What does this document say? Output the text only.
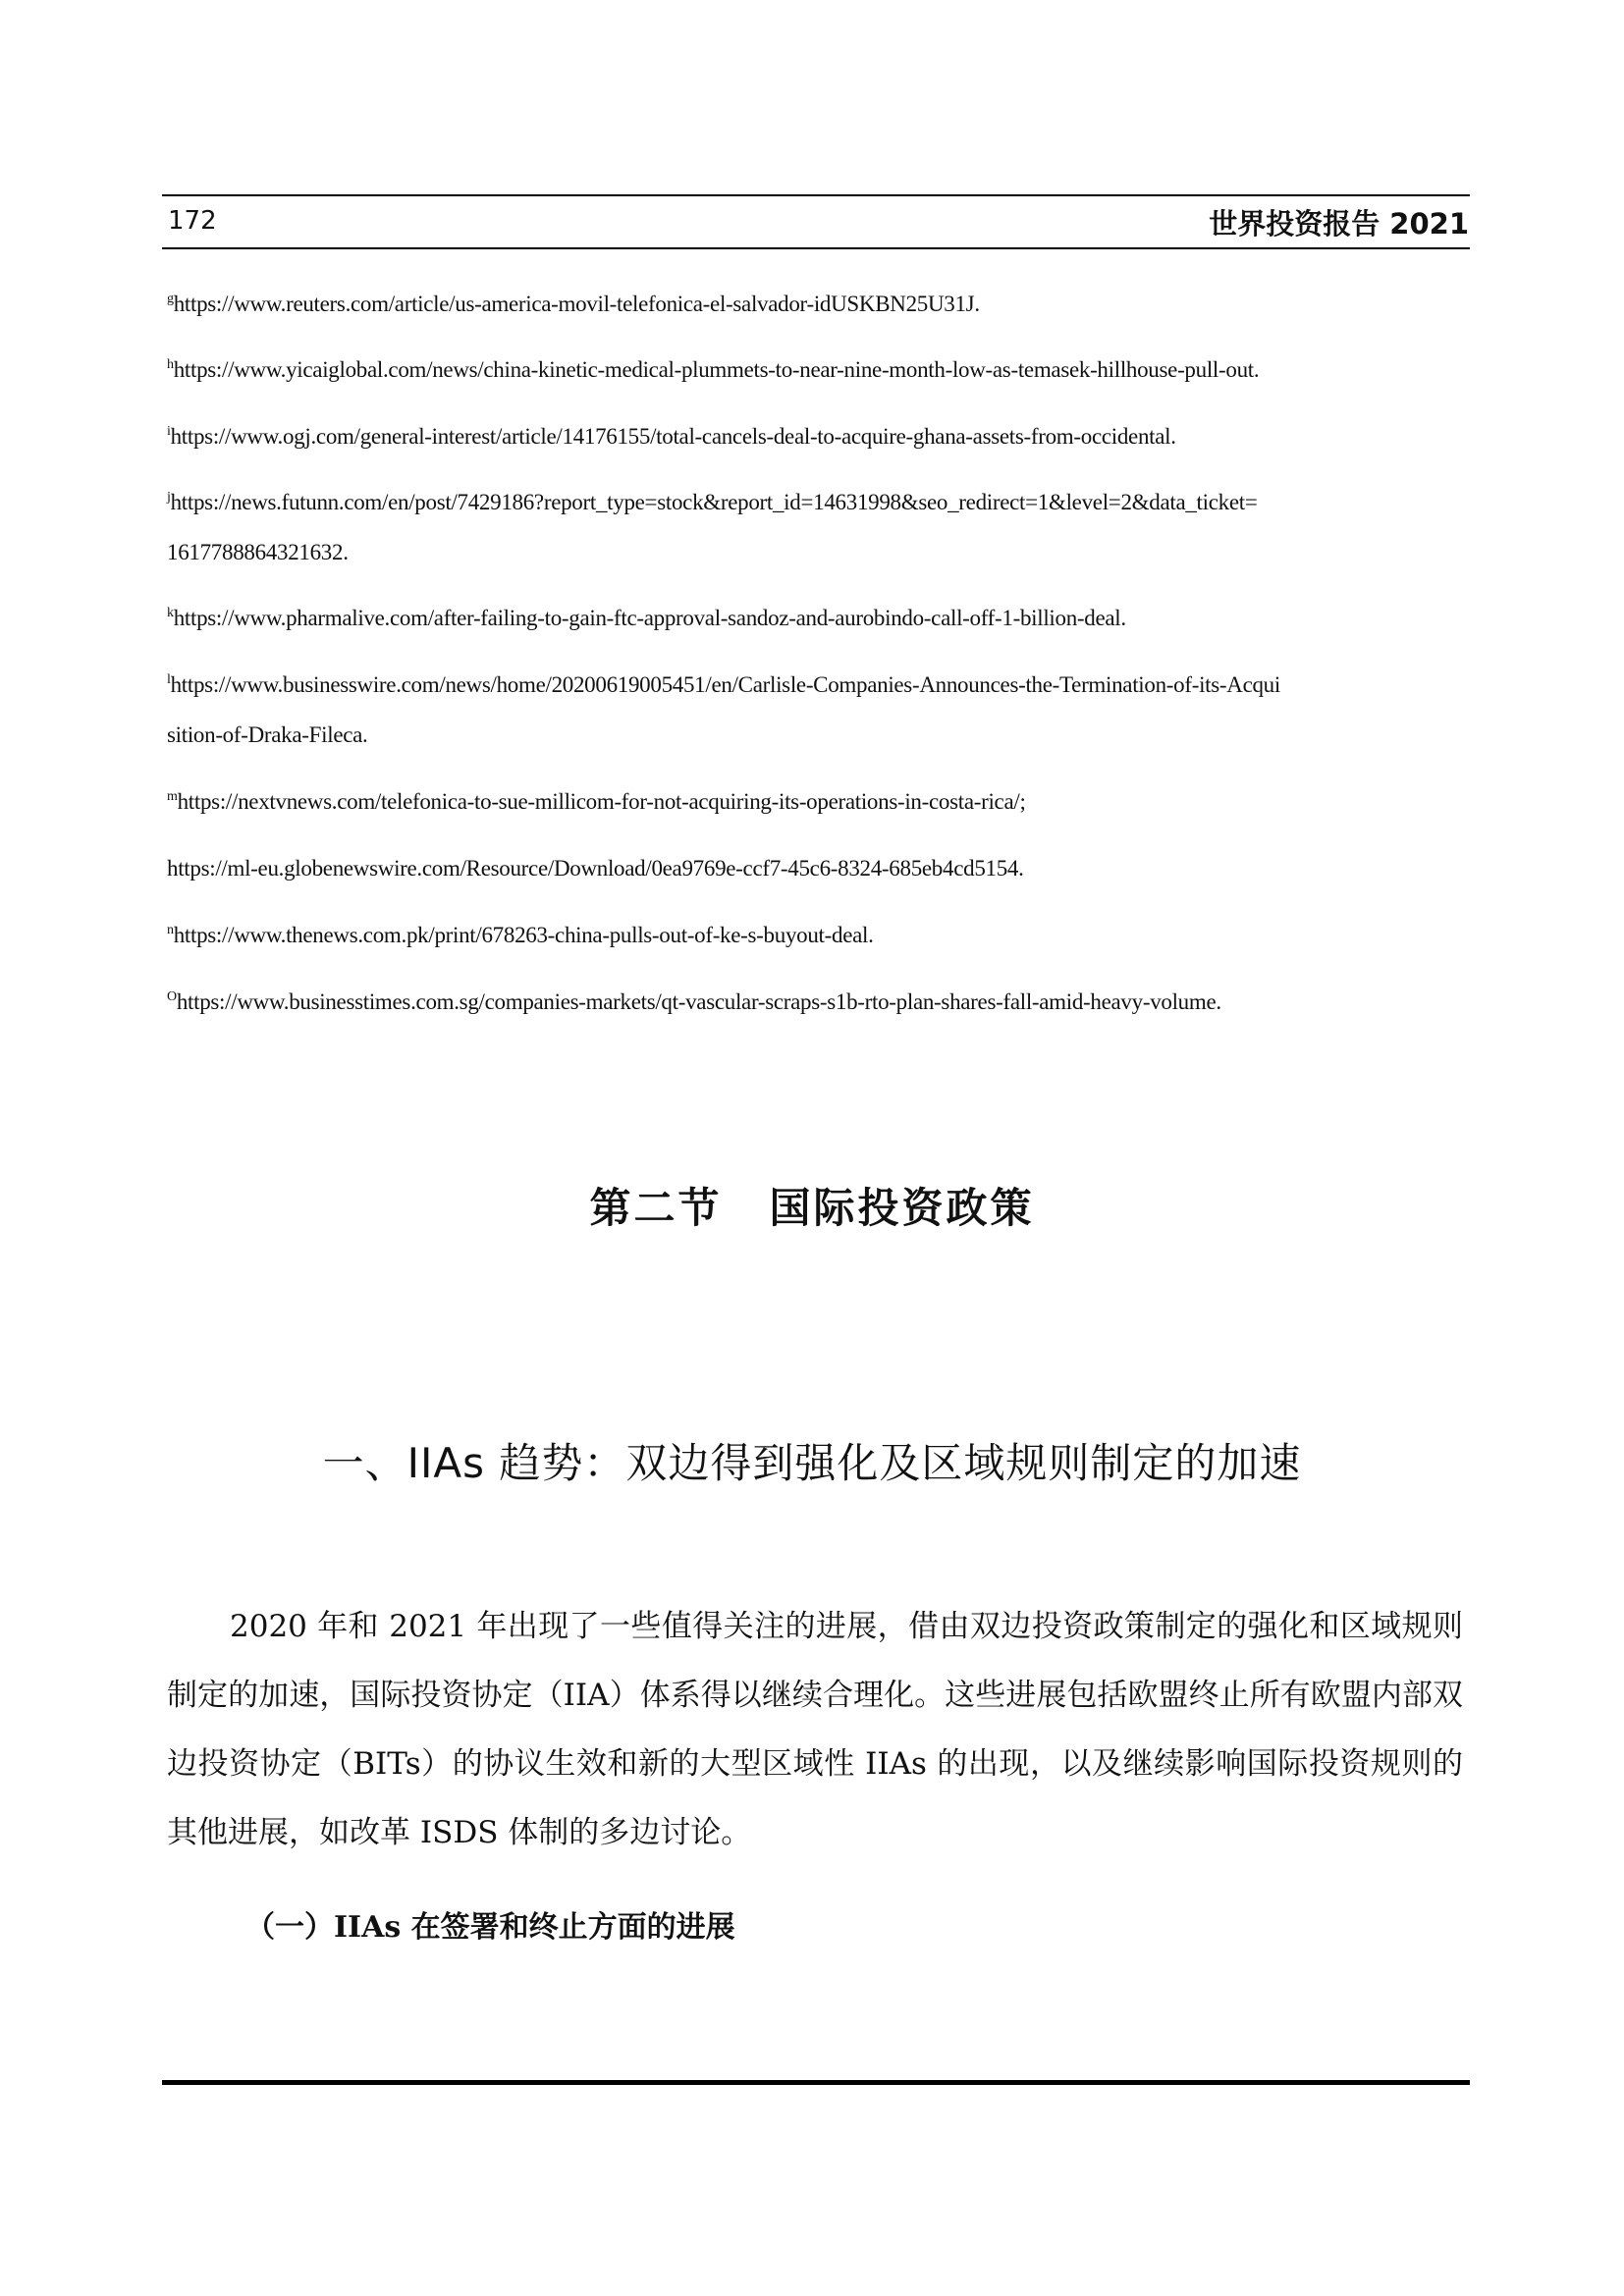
172	世界投资报告 2021
$^g$https://www.reuters.com/article/us-america-movil-telefonica-el-salvador-idUSKBN25U31J.
$^h$https://www.yicaiglobal.com/news/china-kinetic-medical-plummets-to-near-nine-month-low-as-temasek-hillhouse-pull-out.
$^i$https://www.ogj.com/general-interest/article/14176155/total-cancels-deal-to-acquire-ghana-assets-from-occidental.
$^j$https://news.futunn.com/en/post/7429186?report_type=stock&report_id=14631998&seo_redirect=1&level=2&data_ticket=
1617788864321632.
$^k$https://www.pharmalive.com/after-failing-to-gain-ftc-approval-sandoz-and-aurobindo-call-off-1-billion-deal.
$^l$https://www.businesswire.com/news/home/20200619005451/en/Carlisle-Companies-Announces-the-Termination-of-its-Acqui
sition-of-Draka-Fileca.
$^m$https://nextvnews.com/telefonica-to-sue-millicom-for-not-acquiring-its-operations-in-costa-rica/;
https://ml-eu.globenewswire.com/Resource/Download/0ea9769e-ccf7-45c6-8324-685eb4cd5154.
$^n$https://www.thenews.com.pk/print/678263-china-pulls-out-of-ke-s-buyout-deal.
$^O$https://www.businesstimes.com.sg/companies-markets/qt-vascular-scraps-s1b-rto-plan-shares-fall-amid-heavy-volume.
第二节 国际投资政策
一、IIAs 趋势：双边得到强化及区域规则制定的加速

2020 年和 2021 年出现了一些值得关注的进展，借由双边投资政策制定的强化和区域规则制定的加速，国际投资协定（IIA）体系得以继续合理化。这些进展包括欧盟终止所有欧盟内部双边投资协定（BITs）的协议生效和新的大型区域性 IIAs 的出现，以及继续影响国际投资规则的其他进展，如改革 ISDS 体制的多边讨论。

（一）IIAs 在签署和终止方面的进展
